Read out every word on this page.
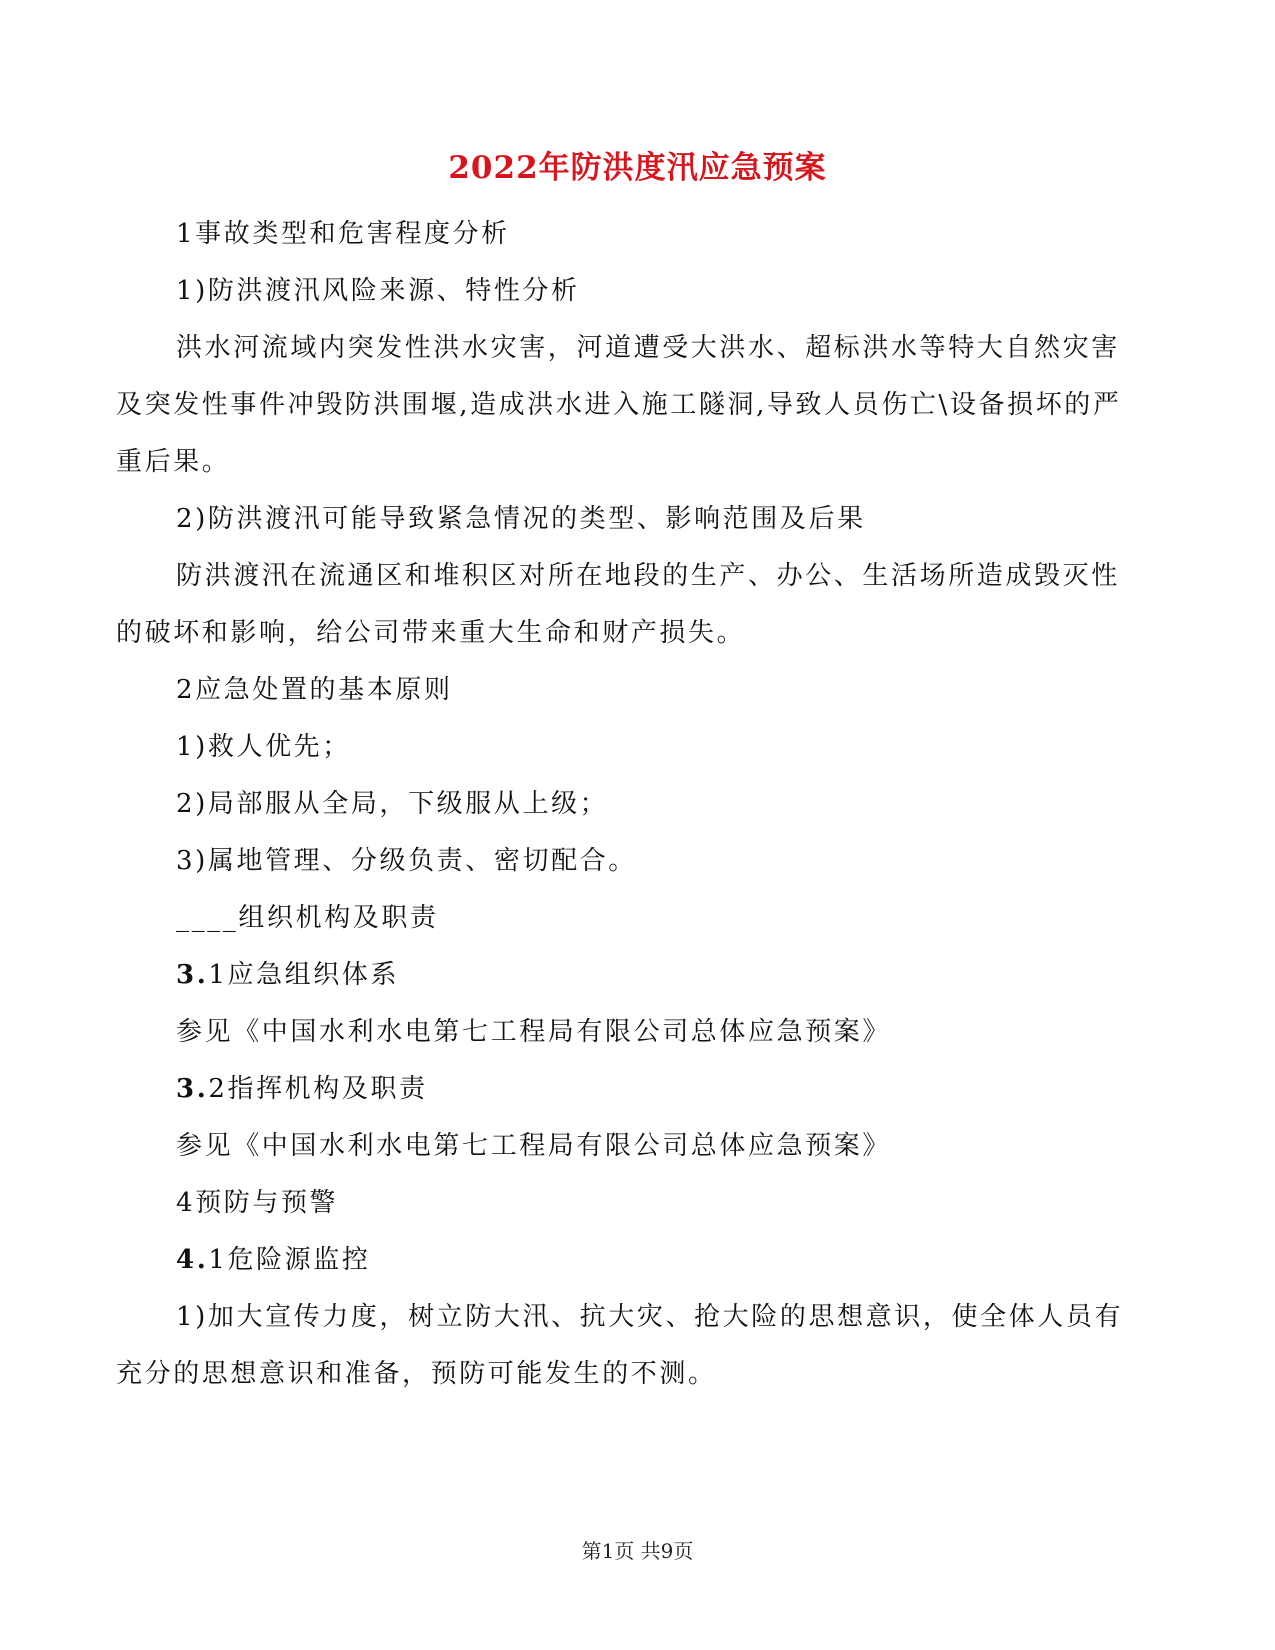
2022年防洪度汛应急预案

1事故类型和危害程度分析

1)防洪渡汛风险来源、特性分析

洪水河流域内突发性洪水灾害，河道遭受大洪水、超标洪水等特大自然灾害及突发性事件冲毁防洪围堰,造成洪水进入施工隧洞,导致人员伤亡\设备损坏的严重后果。

2)防洪渡汛可能导致紧急情况的类型、影响范围及后果

防洪渡汛在流通区和堆积区对所在地段的生产、办公、生活场所造成毁灭性的破坏和影响，给公司带来重大生命和财产损失。

2应急处置的基本原则

1)救人优先；

2)局部服从全局，下级服从上级；

3)属地管理、分级负责、密切配合。

____组织机构及职责

3.1应急组织体系

参见《中国水利水电第七工程局有限公司总体应急预案》

3.2指挥机构及职责

参见《中国水利水电第七工程局有限公司总体应急预案》

4预防与预警

4.1危险源监控

1)加大宣传力度，树立防大汛、抗大灾、抢大险的思想意识，使全体人员有充分的思想意识和准备，预防可能发生的不测。

第1页 共9页
